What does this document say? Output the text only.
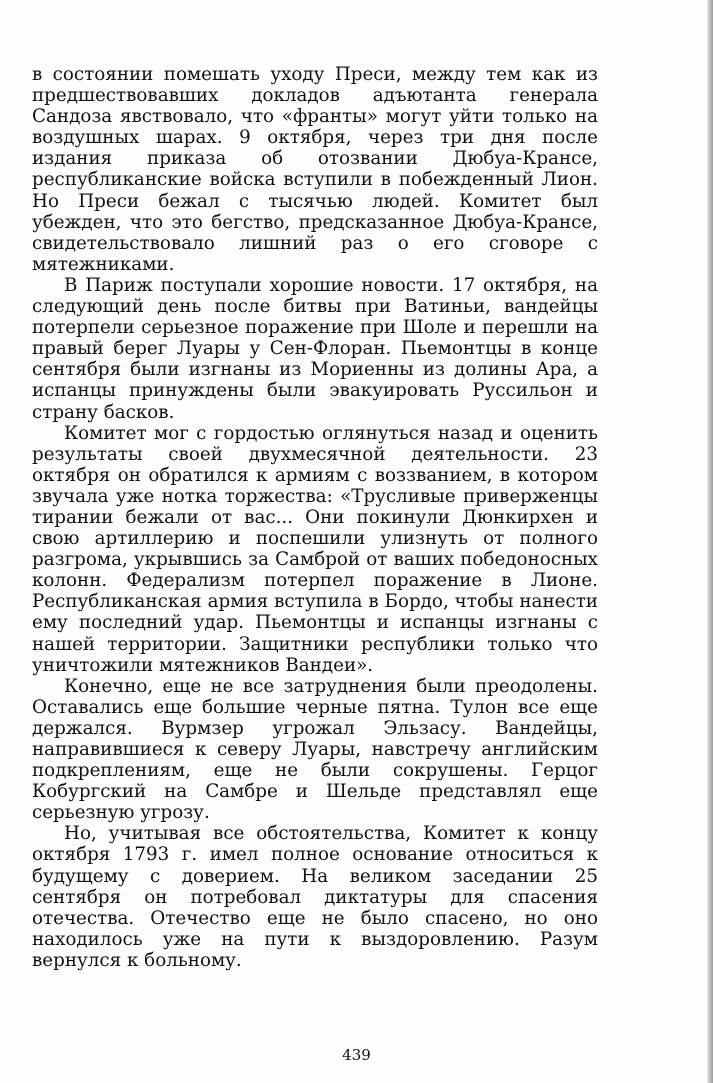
в состоянии помешать уходу Преси, между тем как из предшествовавших докладов адъютанта генерала Сандоза явствовало, что «франты» могут уйти только на воздушных шарах. 9 октября, через три дня после издания приказа об отозвании Дюбуа-Крансе, республиканские войска вступили в побежденный Лион. Но Преси бежал с тысячью людей. Комитет был убежден, что это бегство, предсказанное Дюбуа-Крансе, свидетельствовало лишний раз о его сговоре с мятежниками.

В Париж поступали хорошие новости. 17 октября, на следующий день после битвы при Ватиньи, вандейцы потерпели серьезное поражение при Шоле и перешли на правый берег Луары у Сен-Флоран. Пьемонтцы в конце сентября были изгнаны из Мориенны из долины Ара, а испанцы принуждены были эвакуировать Руссильон и страну басков.

Комитет мог с гордостью оглянуться назад и оценить результаты своей двухмесячной деятельности. 23 октября он обратился к армиям с воззванием, в котором звучала уже нотка торжества: «Трусливые приверженцы тирании бежали от вас... Они покинули Дюнкирхен и свою артиллерию и поспешили улизнуть от полного разгрома, укрывшись за Самброй от ваших победоносных колонн. Федерализм потерпел поражение в Лионе. Республиканская армия вступила в Бордо, чтобы нанести ему последний удар. Пьемонтцы и испанцы изгнаны с нашей территории. Защитники республики только что уничтожили мятежников Вандеи».

Конечно, еще не все затруднения были преодолены. Оставались еще большие черные пятна. Тулон все еще держался. Вурмзер угрожал Эльзасу. Вандейцы, направившиеся к северу Луары, навстречу английским подкреплениям, еще не были сокрушены. Герцог Кобургский на Самбре и Шельде представлял еще серьезную угрозу.

Но, учитывая все обстоятельства, Комитет к концу октября 1793 г. имел полное основание относиться к будущему с доверием. На великом заседании 25 сентября он потребовал диктатуры для спасения отечества. Отечество еще не было спасено, но оно находилось уже на пути к выздоровлению. Разум вернулся к больному.

439
